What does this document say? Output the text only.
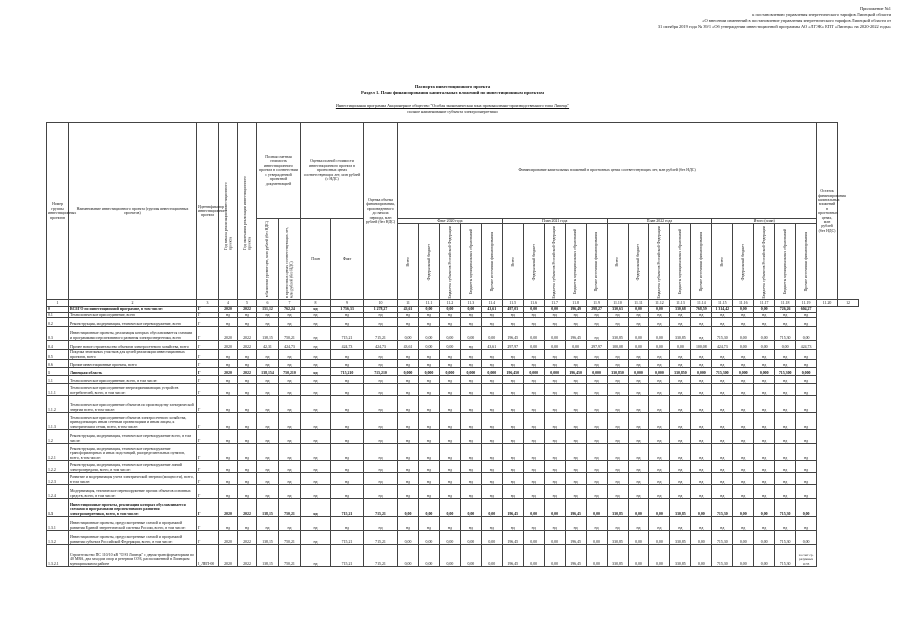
Приложение №1
к постановлению управления энергетического тарифов Липецкой области
«О внесении изменений в постановление управления энергетического тарифов Липецкой области от
31 октября 2019 года № 39/1 «Об утверждении инвестиционной программы АО «ЛГЭК» ЕПТ «Липецк» на 2020-2022 годы»
Паспорта инвестиционного проекта
Раздел 1. План финансирования капитальных вложений по инвестиционным проектам
Инвестиционная программа Акционерное общество "Особая экономическая зона промышленно-производственного типа Липецк"
полное наименование субъекта электроэнергетики
Номер группы инвестиционных проектов	Наименование инвестиционного проекта (группы инвестиционных проектов)	Идентификатор инвестиционного проекта	Год начала реализации инвестиционного проекта	Год окончания реализации инвестиционного проекта	Полная сметная стоимость инвестиционного проекта в соответствии с утвержденной проектной документацией		Оценка полной стоимости инвестиционного проекта в прогнозных ценах соответствующих лет, млн рублей (с НДС)		Оценка объема финансирования, произведенного до начала периода, млн рублей (без НДС)	Финансирование капитальных вложений в прогнозных ценах соответствующих лет, млн рублей (без НДС)																				Остаток финансирования капитальных вложений в прогнозных ценах, млн рублей (без НДС)	

					в базисном уровне цен, млн рублей (без НДС)	в прогнозных ценах соответствующих лет, млн рублей (без НДС)	План	Факт		Факт 2020 года					План 2021 года					План 2022 года					Итого (план)						

										Всего	Федеральный бюджет	Бюджеты субъектов Российской Федерации	Бюджеты муниципальных образований	Прочие источники финансирования	Всего	Федеральный бюджет	Бюджеты субъектов Российской Федерации	Бюджеты муниципальных образований	Прочие источники финансирования	Всего	Федеральный бюджет	Бюджеты субъектов Российской Федерации	Бюджеты муниципальных образований	Прочие источники финансирования	Всего	Федеральный бюджет	Бюджеты субъектов Российской Федерации	Бюджеты муниципальных образований	Прочие источники финансирования		

1	2	3	4	5	6	7	8	9	10	11	11.1	11.2	11.3	11.4	11.5	11.6	11.7	11.8	11.9	11.10	11.11	11.12	11.13	11.14	11.15	11.16	11.17	11.18	11.19	11.20	12
0	ВСЕГО по инвестиционной программе, в том числе:	Г	2020	2022	151,12	762,24	нд	1 756,33	1 278,27	43,61	0,00	0,00	0,00	43,61	497,03	0,00	0,00	196,49	298,27	330,63	0,00	0,00	330,68	768,59	1 314,42	0,00	0,00	726,26	604,27		
0.1	Технологическое присоединение, всего	Г	нд	нд	нд	нд	нд	нд	нд	нд	нд	нд	нд	нд	нд	нд	нд	нд	нд	нд	нд	нд	нд	нд	нд	нд	нд	нд	нд		
0.2	Реконструкция, модернизация, техническое перевооружение, всего	Г	нд	нд	нд	нд	нд	нд	нд	нд	нд	нд	нд	нд	нд	нд	нд	нд	нд	нд	нд	нд	нд	нд	нд	нд	нд	нд	нд		
0.3	Инвестиционные проекты, реализация которых обуславливается схемами и программами перспективного развития электроэнергетики, всего	Г	2020	2022	138,15	750,21	нд	715,21	715,21	0,00	0,00	0,00	0,00	0,00	196,45	0,00	0,00	196,45	нд	330,85	0,00	0,00	330,85	нд	715,30	0,00	0,00	715,30	0,00		
0.4	Прочее новое строительство объектов электросетевого хозяйства, всего	Г	2020	2022	42,31	424,73	нд	424,73	424,73	43,61	0,00	0,00	нд	43,61	297,97	0,00	0,00	0,00	297,97	100,08	0,00	0,00	0,00	100,08	424,73	0,00	0,00	0,00	424,73		
0.5	Покупка земельных участков для целей реализации инвестиционных проектов, всего	Г	нд	нд	нд	нд	нд	нд	нд	нд	нд	нд	нд	нд	нд	нд	нд	нд	нд	нд	нд	нд	нд	нд	нд	нд	нд	нд	нд		
0.6	Прочие инвестиционные проекты, всего	Г	нд	нд	нд	нд	нд	нд	нд	нд	нд	нд	нд	нд	нд	нд	нд	нд	нд	нд	нд	нд	нд	нд	нд	нд	нд	нд	нд		
1	Липецкая область	Г	2020	2022	138,154	750,210	нд	715,210	715,210	0,000	0,000	0,000	0,000	0,000	196,450	0,000	0,000	196,450	0,000	330,850	0,000	0,000	330,850	0,000	715,300	0,000	0,000	715,300	0,000		
1.1	Технологическое присоединение, всего, в том числе:	Г	нд	нд	нд	нд	нд	нд	нд	нд	нд	нд	нд	нд	нд	нд	нд	нд	нд	нд	нд	нд	нд	нд	нд	нд	нд	нд	нд		
1.1.1	Технологическое присоединение энергопринимающих устройств потребителей, всего, в том числе:	Г	нд	нд	нд	нд	нд	нд	нд	нд	нд	нд	нд	нд	нд	нд	нд	нд	нд	нд	нд	нд	нд	нд	нд	нд	нд	нд	нд		
1.1.2	Технологическое присоединение объектов по производству электрической энергии всего, в том числе:	Г	нд	нд	нд	нд	нд	нд	нд	нд	нд	нд	нд	нд	нд	нд	нд	нд	нд	нд	нд	нд	нд	нд	нд	нд	нд	нд	нд		
1.1.3	Технологическое присоединение объектов электросетевого хозяйства, принадлежащих иным сетевым организациям и иным лицам, к электрическим сетям, всего, в том числе:	Г	нд	нд	нд	нд	нд	нд	нд	нд	нд	нд	нд	нд	нд	нд	нд	нд	нд	нд	нд	нд	нд	нд	нд	нд	нд	нд	нд		
1.2	Реконструкция, модернизация, техническое перевооружение всего, в том числе:	Г	нд	нд	нд	нд	нд	нд	нд	нд	нд	нд	нд	нд	нд	нд	нд	нд	нд	нд	нд	нд	нд	нд	нд	нд	нд	нд	нд		
1.2.1	Реконструкция, модернизация, техническое перевооружение трансформаторных и иных подстанций, распределительных пунктов, всего, в том числе:	Г	нд	нд	нд	нд	нд	нд	нд	нд	нд	нд	нд	нд	нд	нд	нд	нд	нд	нд	нд	нд	нд	нд	нд	нд	нд	нд	нд		
1.2.2	Реконструкция, модернизация, техническое перевооружение линий электропередачи, всего, в том числе:	Г	нд	нд	нд	нд	нд	нд	нд	нд	нд	нд	нд	нд	нд	нд	нд	нд	нд	нд	нд	нд	нд	нд	нд	нд	нд	нд	нд		
1.2.3	Развитие и модернизация учета электрической энергии (мощности), всего, в том числе:	Г	нд	нд	нд	нд	нд	нд	нд	нд	нд	нд	нд	нд	нд	нд	нд	нд	нд	нд	нд	нд	нд	нд	нд	нд	нд	нд	нд		
1.2.4	Модернизация, техническое перевооружение прочих объектов основных средств, всего, в том числе:	Г	нд	нд	нд	нд	нд	нд	нд	нд	нд	нд	нд	нд	нд	нд	нд	нд	нд	нд	нд	нд	нд	нд	нд	нд	нд	нд	нд		
1.3	Инвестиционные проекты, реализация которых обуславливается схемами и программами перспективного развития электроэнергетики, всего, в том числе:	Г	2020	2022	138,15	750,21	нд	715,21	715,21	0,00	0,00	0,00	0,00	0,00	196,45	0,00	0,00	196,45	0,00	330,85	0,00	0,00	330,85	0,00	715,30	0,00	0,00	715,30	0,00		
1.3.1	Инвестиционные проекты, предусмотренные схемой и программой развития Единой энергетической системы России, всего, в том числе:	Г	нд	нд	нд	нд	нд	нд	нд	нд	нд	нд	нд	нд	нд	нд	нд	нд	нд	нд	нд	нд	нд	нд	нд	нд	нд	нд	нд		
1.3.2	Инвестиционные проекты, предусмотренные схемой и программой развития субъекта Российской Федерации, всего, в том числе:	Г	2020	2022	138,15	750,21	нд	715,21	715,21	0,00	0,00	0,00	0,00	0,00	196,45	0,00	0,00	196,45	0,00	330,85	0,00	0,00	330,85	0,00	715,30	0,00	0,00	715,30	0,00		
1.3.2.1	Строительство ПС 110/10 кВ "ОЭЗ Липецк" с двумя трансформаторами по 40 МВА, два заходом опор и резервом ОЭЗ, расположенной в Липецком муниципальном районе	I_ЛЕП-00	2020	2022	138,15	750,21	нд	715,21	715,21	0,00	0,00	0,00	0,00	0,00	196,45	0,00	0,00	196,45	0,00	330,85	0,00	0,00	330,85	0,00	715,30	0,00	0,00	715,30	за счет ср. разумных ОЭЗ		
